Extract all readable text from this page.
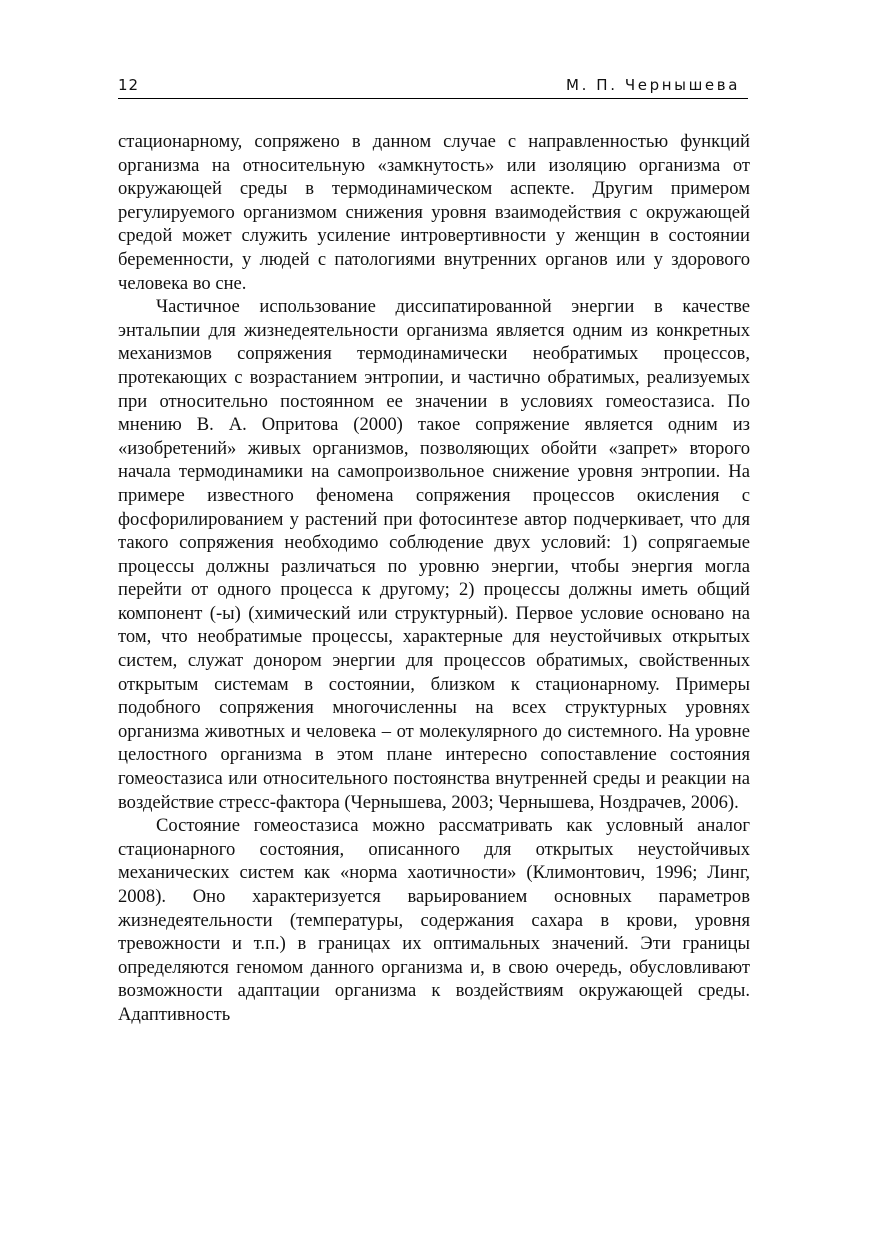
12	М. П. Чернышева

стационарному, сопряжено в данном случае с направленностью функций организма на относительную «замкнутость» или изоляцию организма от окружающей среды в термодинамическом аспекте. Другим примером регулируемого организмом снижения уровня взаимодействия с окружающей средой может служить усиление интровертивности у женщин в состоянии беременности, у людей с патологиями внутренних органов или у здорового человека во сне.

Частичное использование диссипатированной энергии в качестве энтальпии для жизнедеятельности организма является одним из конкретных механизмов сопряжения термодинамически необратимых процессов, протекающих с возрастанием энтропии, и частично обратимых, реализуемых при относительно постоянном ее значении в условиях гомеостазиса. По мнению В. А. Опритова (2000) такое сопряжение является одним из «изобретений» живых организмов, позволяющих обойти «запрет» второго начала термодинамики на самопроизвольное снижение уровня энтропии. На примере известного феномена сопряжения процессов окисления с фосфорилированием у растений при фотосинтезе автор подчеркивает, что для такого сопряжения необходимо соблюдение двух условий: 1) сопрягаемые процессы должны различаться по уровню энергии, чтобы энергия могла перейти от одного процесса к другому; 2) процессы должны иметь общий компонент (-ы) (химический или структурный). Первое условие основано на том, что необратимые процессы, характерные для неустойчивых открытых систем, служат донором энергии для процессов обратимых, свойственных открытым системам в состоянии, близком к стационарному. Примеры подобного сопряжения многочисленны на всех структурных уровнях организма животных и человека – от молекулярного до системного. На уровне целостного организма в этом плане интересно сопоставление состояния гомеостазиса или относительного постоянства внутренней среды и реакции на воздействие стресс-фактора (Чернышева, 2003; Чернышева, Ноздрачев, 2006).

Состояние гомеостазиса можно рассматривать как условный аналог стационарного состояния, описанного для открытых неустойчивых механических систем как «норма хаотичности» (Климонтович, 1996; Линг, 2008). Оно характеризуется варьированием основных параметров жизнедеятельности (температуры, содержания сахара в крови, уровня тревожности и т.п.) в границах их оптимальных значений. Эти границы определяются геномом данного организма и, в свою очередь, обусловливают возможности адаптации организма к воздействиям окружающей среды. Адаптивность
